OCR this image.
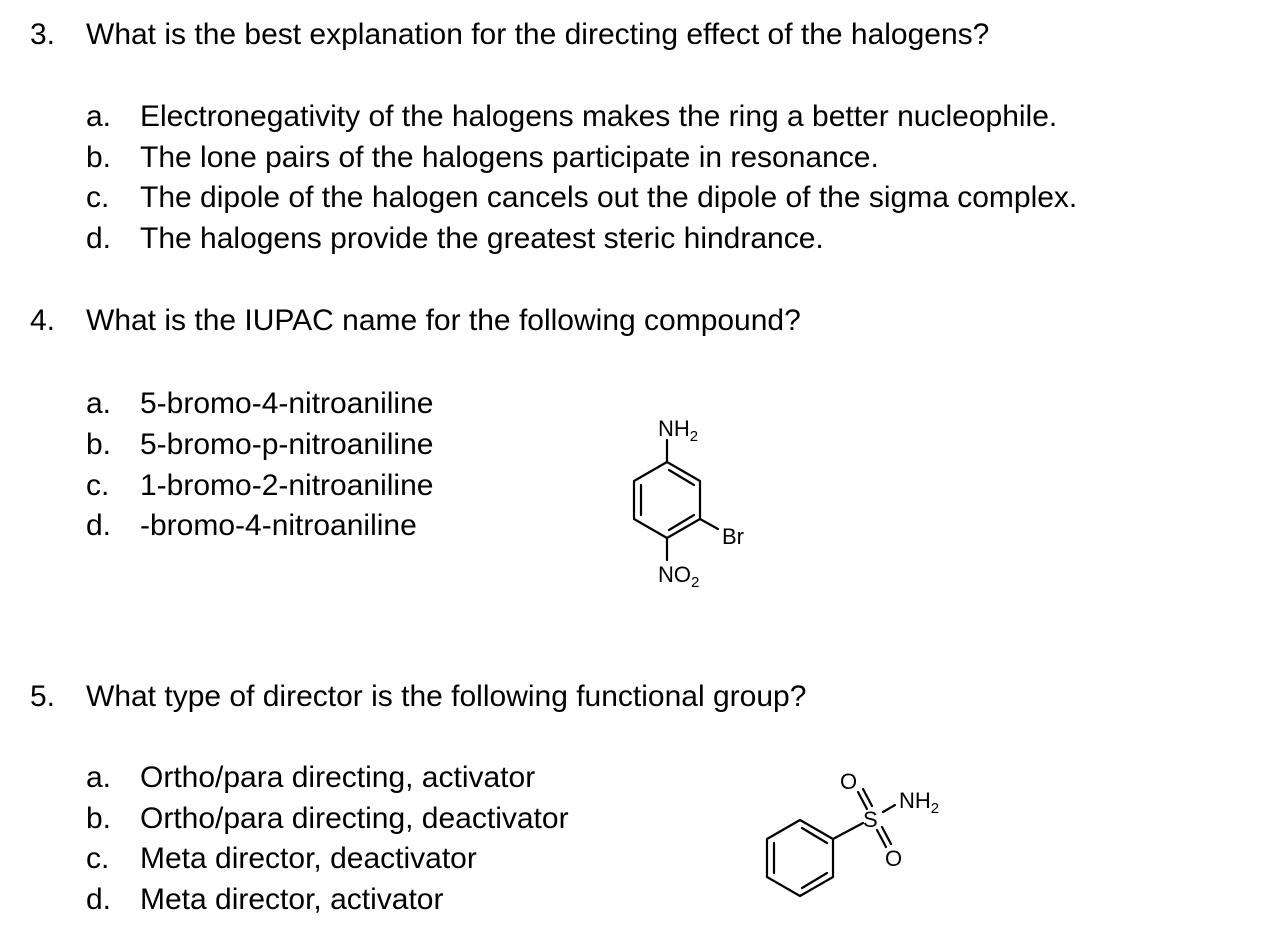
3. What is the best explanation for the directing effect of the halogens?
a. Electronegativity of the halogens makes the ring a better nucleophile.
b. The lone pairs of the halogens participate in resonance.
c. The dipole of the halogen cancels out the dipole of the sigma complex.
d. The halogens provide the greatest steric hindrance.
4. What is the IUPAC name for the following compound?
a. 5-bromo-4-nitroaniline
b. 5-bromo-p-nitroaniline
c. 1-bromo-2-nitroaniline
d. -bromo-4-nitroaniline
$NH_2$
Br
$NO_2$
5. What type of director is the following functional group?
a. Ortho/para directing, activator
b. Ortho/para directing, deactivator
c. Meta director, deactivator
d. Meta director, activator
O
S
O
$NH_2$
